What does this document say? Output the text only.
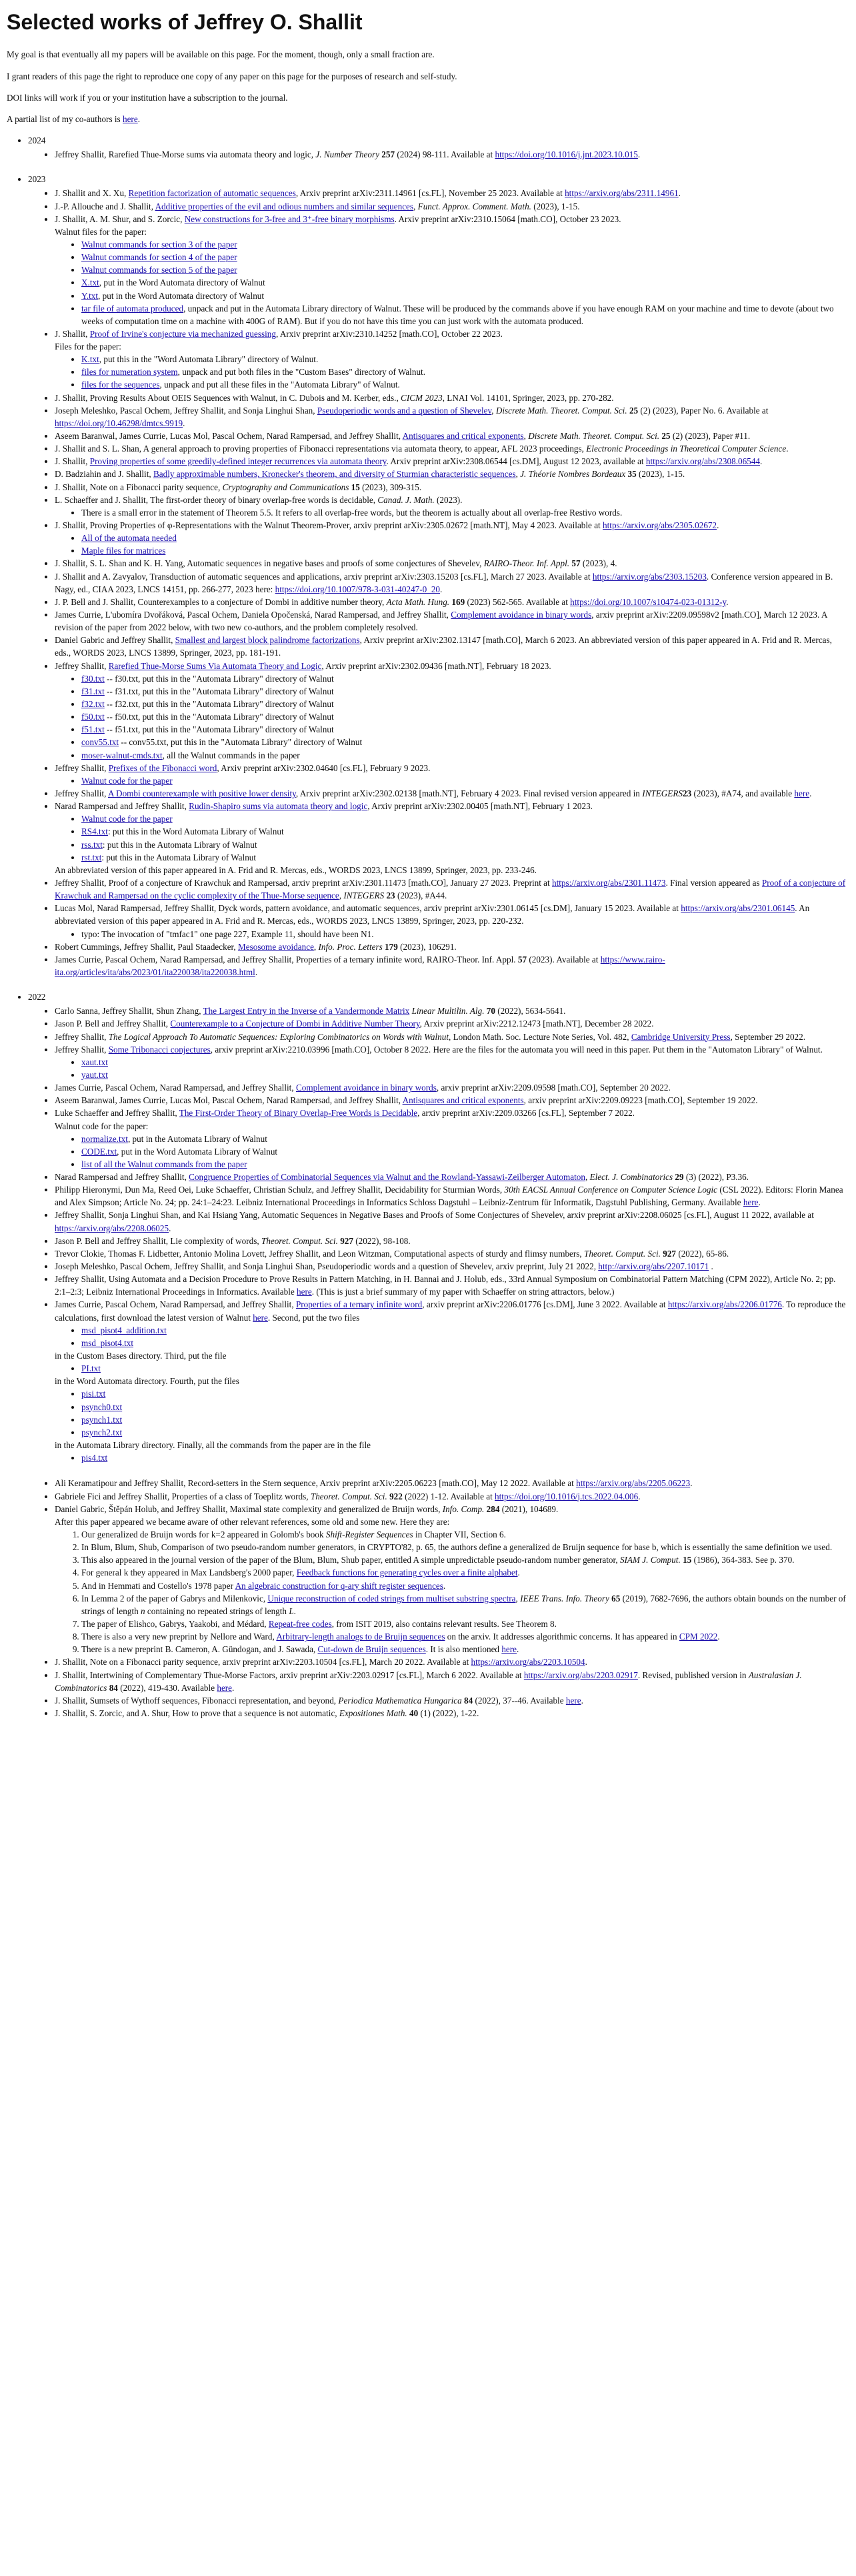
Selected works of Jeffrey O. Shallit

My goal is that eventually all my papers will be available on this page. For the moment, though, only a small fraction are.

I grant readers of this page the right to reproduce one copy of any paper on this page for the purposes of research and self-study.

DOI links will work if you or your institution have a subscription to the journal.

A partial list of my co-authors is here.

• 2024
• Jeffrey Shallit, Rarefied Thue-Morse sums via automata theory and logic, J. Number Theory 257 (2024) 98-111. Available at https://doi.org/10.1016/j.jnt.2023.10.015.
• 2023
• J. Shallit and X. Xu, Repetition factorization of automatic sequences, Arxiv preprint arXiv:2311.14961 [cs.FL], November 25 2023. Available at https://arxiv.org/abs/2311.14961.
• J.-P. Allouche and J. Shallit, Additive properties of the evil and odious numbers and similar sequences, Funct. Approx. Comment. Math. (2023), 1-15.
• J. Shallit, A. M. Shur, and S. Zorcic, New constructions for 3-free and 3⁺-free binary morphisms. Arxiv preprint arXiv:2310.15064 [math.CO], October 23 2023.
Walnut files for the paper:
• Walnut commands for section 3 of the paper
• Walnut commands for section 4 of the paper
• Walnut commands for section 5 of the paper
• X.txt, put in the Word Automata directory of Walnut
• Y.txt, put in the Word Automata directory of Walnut
• tar file of automata produced, unpack and put in the Automata Library directory of Walnut. These will be produced by the commands above if you have enough RAM on your machine and time to devote (about two weeks of computation time on a machine with 400G of RAM). But if you do not have this time you can just work with the automata produced.
• J. Shallit, Proof of Irvine's conjecture via mechanized guessing, Arxiv preprint arXiv:2310.14252 [math.CO], October 22 2023.
Files for the paper:
• K.txt, put this in the "Word Automata Library" directory of Walnut.
• files for numeration system, unpack and put both files in the "Custom Bases" directory of Walnut.
• files for the sequences, unpack and put all these files in the "Automata Library" of Walnut.
• J. Shallit, Proving Results About OEIS Sequences with Walnut, in C. Dubois and M. Kerber, eds., CICM 2023, LNAI Vol. 14101, Springer, 2023, pp. 270-282.
• Joseph Meleshko, Pascal Ochem, Jeffrey Shallit, and Sonja Linghui Shan, Pseudoperiodic words and a question of Shevelev, Discrete Math. Theoret. Comput. Sci. 25 (2) (2023), Paper No. 6. Available at https://doi.org/10.46298/dmtcs.9919.
• Aseem Baranwal, James Currie, Lucas Mol, Pascal Ochem, Narad Rampersad, and Jeffrey Shallit, Antisquares and critical exponents, Discrete Math. Theoret. Comput. Sci. 25 (2) (2023), Paper #11.
• J. Shallit and S. L. Shan, A general approach to proving properties of Fibonacci representations via automata theory, to appear, AFL 2023 proceedings, Electronic Proceedings in Theoretical Computer Science.
• J. Shallit, Proving properties of some greedily-defined integer recurrences via automata theory. Arxiv preprint arXiv:2308.06544 [cs.DM], August 12 2023, available at https://arxiv.org/abs/2308.06544.
• D. Badziahin and J. Shallit, Badly approximable numbers, Kronecker's theorem, and diversity of Sturmian characteristic sequences, J. Théorie Nombres Bordeaux 35 (2023), 1-15.
• J. Shallit, Note on a Fibonacci parity sequence, Cryptography and Communications 15 (2023), 309-315.
• L. Schaeffer and J. Shallit, The first-order theory of binary overlap-free words is decidable, Canad. J. Math. (2023).
• There is a small error in the statement of Theorem 5.5. It refers to all overlap-free words, but the theorem is actually about all overlap-free Restivo words.
• J. Shallit, Proving Properties of φ-Representations with the Walnut Theorem-Prover, arxiv preprint arXiv:2305.02672 [math.NT], May 4 2023. Available at https://arxiv.org/abs/2305.02672.
• All of the automata needed
• Maple files for matrices
• J. Shallit, S. L. Shan and K. H. Yang, Automatic sequences in negative bases and proofs of some conjectures of Shevelev, RAIRO-Theor. Inf. Appl. 57 (2023), 4.
• J. Shallit and A. Zavyalov, Transduction of automatic sequences and applications, arxiv preprint arXiv:2303.15203 [cs.FL], March 27 2023. Available at https://arxiv.org/abs/2303.15203. Conference version appeared in B. Nagy, ed., CIAA 2023, LNCS 14151, pp. 266-277, 2023 here: https://doi.org/10.1007/978-3-031-40247-0_20.
• J. P. Bell and J. Shallit, Counterexamples to a conjecture of Dombi in additive number theory, Acta Math. Hung. 169 (2023) 562-565. Available at https://doi.org/10.1007/s10474-023-01312-y.
• James Currie, L'ubomíra Dvořáková, Pascal Ochem, Daniela Opočenská, Narad Rampersad, and Jeffrey Shallit, Complement avoidance in binary words, arxiv preprint arXiv:2209.09598v2 [math.CO], March 12 2023. A revision of the paper from 2022 below, with two new co-authors, and the problem completely resolved.
• Daniel Gabric and Jeffrey Shallit, Smallest and largest block palindrome factorizations, Arxiv preprint arXiv:2302.13147 [math.CO], March 6 2023. An abbreviated version of this paper appeared in A. Frid and R. Mercas, eds., WORDS 2023, LNCS 13899, Springer, 2023, pp. 181-191.
• Jeffrey Shallit, Rarefied Thue-Morse Sums Via Automata Theory and Logic, Arxiv preprint arXiv:2302.09436 [math.NT], February 18 2023.
• f30.txt -- f30.txt, put this in the "Automata Library" directory of Walnut
• f31.txt -- f31.txt, put this in the "Automata Library" directory of Walnut
• f32.txt -- f32.txt, put this in the "Automata Library" directory of Walnut
• f50.txt -- f50.txt, put this in the "Automata Library" directory of Walnut
• f51.txt -- f51.txt, put this in the "Automata Library" directory of Walnut
• conv55.txt -- conv55.txt, put this in the "Automata Library" directory of Walnut
• moser-walnut-cmds.txt, all the Walnut commands in the paper
• Jeffrey Shallit, Prefixes of the Fibonacci word, Arxiv preprint arXiv:2302.04640 [cs.FL], February 9 2023.
• Walnut code for the paper
• Jeffrey Shallit, A Dombi counterexample with positive lower density, Arxiv preprint arXiv:2302.02138 [math.NT], February 4 2023. Final revised version appeared in INTEGERS23 (2023), #A74, and available here.
• Narad Rampersad and Jeffrey Shallit, Rudin-Shapiro sums via automata theory and logic, Arxiv preprint arXiv:2302.00405 [math.NT], February 1 2023.
• Walnut code for the paper
• RS4.txt: put this in the Word Automata Library of Walnut
• rss.txt: put this in the Automata Library of Walnut
• rst.txt: put this in the Automata Library of Walnut
An abbreviated version of this paper appeared in A. Frid and R. Mercas, eds., WORDS 2023, LNCS 13899, Springer, 2023, pp. 233-246.
• Jeffrey Shallit, Proof of a conjecture of Krawchuk and Rampersad, arxiv preprint arXiv:2301.11473 [math.CO], January 27 2023. Preprint at https://arxiv.org/abs/2301.11473. Final version appeared as Proof of a conjecture of Krawchuk and Rampersad on the cyclic complexity of the Thue-Morse sequence, INTEGERS 23 (2023), #A44.
• Lucas Mol, Narad Rampersad, Jeffrey Shallit, Dyck words, pattern avoidance, and automatic sequences, arxiv preprint arXiv:2301.06145 [cs.DM], January 15 2023. Available at https://arxiv.org/abs/2301.06145. An abbreviated version of this paper appeared in A. Frid and R. Mercas, eds., WORDS 2023, LNCS 13899, Springer, 2023, pp. 220-232.
• typo: The invocation of "tmfac1" one page 227, Example 11, should have been N1.
• Robert Cummings, Jeffrey Shallit, Paul Staadecker, Mesosome avoidance, Info. Proc. Letters 179 (2023), 106291.
• James Currie, Pascal Ochem, Narad Rampersad, and Jeffrey Shallit, Properties of a ternary infinite word, RAIRO-Theor. Inf. Appl. 57 (2023). Available at https://www.rairo-ita.org/articles/ita/abs/2023/01/ita220038/ita220038.html.
• 2022
• Carlo Sanna, Jeffrey Shallit, Shun Zhang, The Largest Entry in the Inverse of a Vandermonde Matrix Linear Multilin. Alg. 70 (2022), 5634-5641.
• Jason P. Bell and Jeffrey Shallit, Counterexample to a Conjecture of Dombi in Additive Number Theory, Arxiv preprint arXiv:2212.12473 [math.NT], December 28 2022.
• Jeffrey Shallit, The Logical Approach To Automatic Sequences: Exploring Combinatorics on Words with Walnut, London Math. Soc. Lecture Note Series, Vol. 482, Cambridge University Press, September 29 2022.
• Jeffrey Shallit, Some Tribonacci conjectures, arxiv preprint arXiv:2210.03996 [math.CO], October 8 2022. Here are the files for the automata you will need in this paper. Put them in the "Automaton Library" of Walnut.
• xaut.txt
• yaut.txt
• James Currie, Pascal Ochem, Narad Rampersad, and Jeffrey Shallit, Complement avoidance in binary words, arxiv preprint arXiv:2209.09598 [math.CO], September 20 2022.
• Aseem Baranwal, James Currie, Lucas Mol, Pascal Ochem, Narad Rampersad, and Jeffrey Shallit, Antisquares and critical exponents, arxiv preprint arXiv:2209.09223 [math.CO], September 19 2022.
• Luke Schaeffer and Jeffrey Shallit, The First-Order Theory of Binary Overlap-Free Words is Decidable, arxiv preprint arXiv:2209.03266 [cs.FL], September 7 2022.
Walnut code for the paper:
• normalize.txt, put in the Automata Library of Walnut
• CODE.txt, put in the Word Automata Library of Walnut
• list of all the Walnut commands from the paper
• Narad Rampersad and Jeffrey Shallit, Congruence Properties of Combinatorial Sequences via Walnut and the Rowland-Yassawi-Zeilberger Automaton, Elect. J. Combinatorics 29 (3) (2022), P3.36.
• Philipp Hieronymi, Dun Ma, Reed Oei, Luke Schaeffer, Christian Schulz, and Jeffrey Shallit, Decidability for Sturmian Words, 30th EACSL Annual Conference on Computer Science Logic (CSL 2022). Editors: Florin Manea and Alex Simpson; Article No. 24; pp. 24:1–24:23. Leibniz International Proceedings in Informatics Schloss Dagstuhl – Leibniz-Zentrum für Informatik, Dagstuhl Publishing, Germany. Available here.
• Jeffrey Shallit, Sonja Linghui Shan, and Kai Hsiang Yang, Automatic Sequences in Negative Bases and Proofs of Some Conjectures of Shevelev, arxiv preprint arXiv:2208.06025 [cs.FL], August 11 2022, available at https://arxiv.org/abs/2208.06025.
• Jason P. Bell and Jeffrey Shallit, Lie complexity of words, Theoret. Comput. Sci. 927 (2022), 98-108.
• Trevor Clokie, Thomas F. Lidbetter, Antonio Molina Lovett, Jeffrey Shallit, and Leon Witzman, Computational aspects of sturdy and flimsy numbers, Theoret. Comput. Sci. 927 (2022), 65-86.
• Joseph Meleshko, Pascal Ochem, Jeffrey Shallit, and Sonja Linghui Shan, Pseudoperiodic words and a question of Shevelev, arxiv preprint, July 21 2022, http://arxiv.org/abs/2207.10171 .
• Jeffrey Shallit, Using Automata and a Decision Procedure to Prove Results in Pattern Matching, in H. Bannai and J. Holub, eds., 33rd Annual Symposium on Combinatorial Pattern Matching (CPM 2022), Article No. 2; pp. 2:1–2:3; Leibniz International Proceedings in Informatics. Available here. (This is just a brief summary of my paper with Schaeffer on string attractors, below.)
• James Currie, Pascal Ochem, Narad Rampersad, and Jeffrey Shallit, Properties of a ternary infinite word, arxiv preprint arXiv:2206.01776 [cs.DM], June 3 2022. Available at https://arxiv.org/abs/2206.01776. To reproduce the calculations, first download the latest version of Walnut here. Second, put the two files
• msd_pisot4_addition.txt
• msd_pisot4.txt
in the Custom Bases directory. Third, put the file
• PI.txt
in the Word Automata directory. Fourth, put the files
• pisi.txt
• psynch0.txt
• psynch1.txt
• psynch2.txt
in the Automata Library directory. Finally, all the commands from the paper are in the file
• pis4.txt

• Ali Keramatipour and Jeffrey Shallit, Record-setters in the Stern sequence, Arxiv preprint arXiv:2205.06223 [math.CO], May 12 2022. Available at https://arxiv.org/abs/2205.06223.
• Gabriele Fici and Jeffrey Shallit, Properties of a class of Toeplitz words, Theoret. Comput. Sci. 922 (2022) 1-12. Available at https://doi.org/10.1016/j.tcs.2022.04.006.
• Daniel Gabric, Štěpán Holub, and Jeffrey Shallit, Maximal state complexity and generalized de Bruijn words, Info. Comp. 284 (2021), 104689.
After this paper appeared we became aware of other relevant references, some old and some new. Here they are:
1. Our generalized de Bruijn words for k=2 appeared in Golomb's book Shift-Register Sequences in Chapter VII, Section 6.
2. In Blum, Blum, Shub, Comparison of two pseudo-random number generators, in CRYPTO'82, p. 65, the authors define a generalized de Bruijn sequence for base b, which is essentially the same definition we used.
3. This also appeared in the journal version of the paper of the Blum, Blum, Shub paper, entitled A simple unpredictable pseudo-random number generator, SIAM J. Comput. 15 (1986), 364-383. See p. 370.
4. For general k they appeared in Max Landsberg's 2000 paper, Feedback functions for generating cycles over a finite alphabet.
5. And in Hemmati and Costello's 1978 paper An algebraic construction for q-ary shift register sequences.
6. In Lemma 2 of the paper of Gabrys and Milenkovic, Unique reconstruction of coded strings from multiset substring spectra, IEEE Trans. Info. Theory 65 (2019), 7682-7696, the authors obtain bounds on the number of strings of length n containing no repeated strings of length L.
7. The paper of Elishco, Gabrys, Yaakobi, and Médard, Repeat-free codes, from ISIT 2019, also contains relevant results. See Theorem 8.
8. There is also a very new preprint by Nellore and Ward, Arbitrary-length analogs to de Bruijn sequences on the arxiv. It addresses algorithmic concerns. It has appeared in CPM 2022.
9. There is a new preprint B. Cameron, A. Gündogan, and J. Sawada, Cut-down de Bruijn sequences. It is also mentioned here.
• J. Shallit, Note on a Fibonacci parity sequence, arxiv preprint arXiv:2203.10504 [cs.FL], March 20 2022. Available at https://arxiv.org/abs/2203.10504.
• J. Shallit, Intertwining of Complementary Thue-Morse Factors, arxiv preprint arXiv:2203.02917 [cs.FL], March 6 2022. Available at https://arxiv.org/abs/2203.02917. Revised, published version in Australasian J. Combinatorics 84 (2022), 419-430. Available here.
• J. Shallit, Sumsets of Wythoff sequences, Fibonacci representation, and beyond, Periodica Mathematica Hungarica 84 (2022), 37--46. Available here.
• J. Shallit, S. Zorcic, and A. Shur, How to prove that a sequence is not automatic, Expositiones Math. 40 (1) (2022), 1-22.
